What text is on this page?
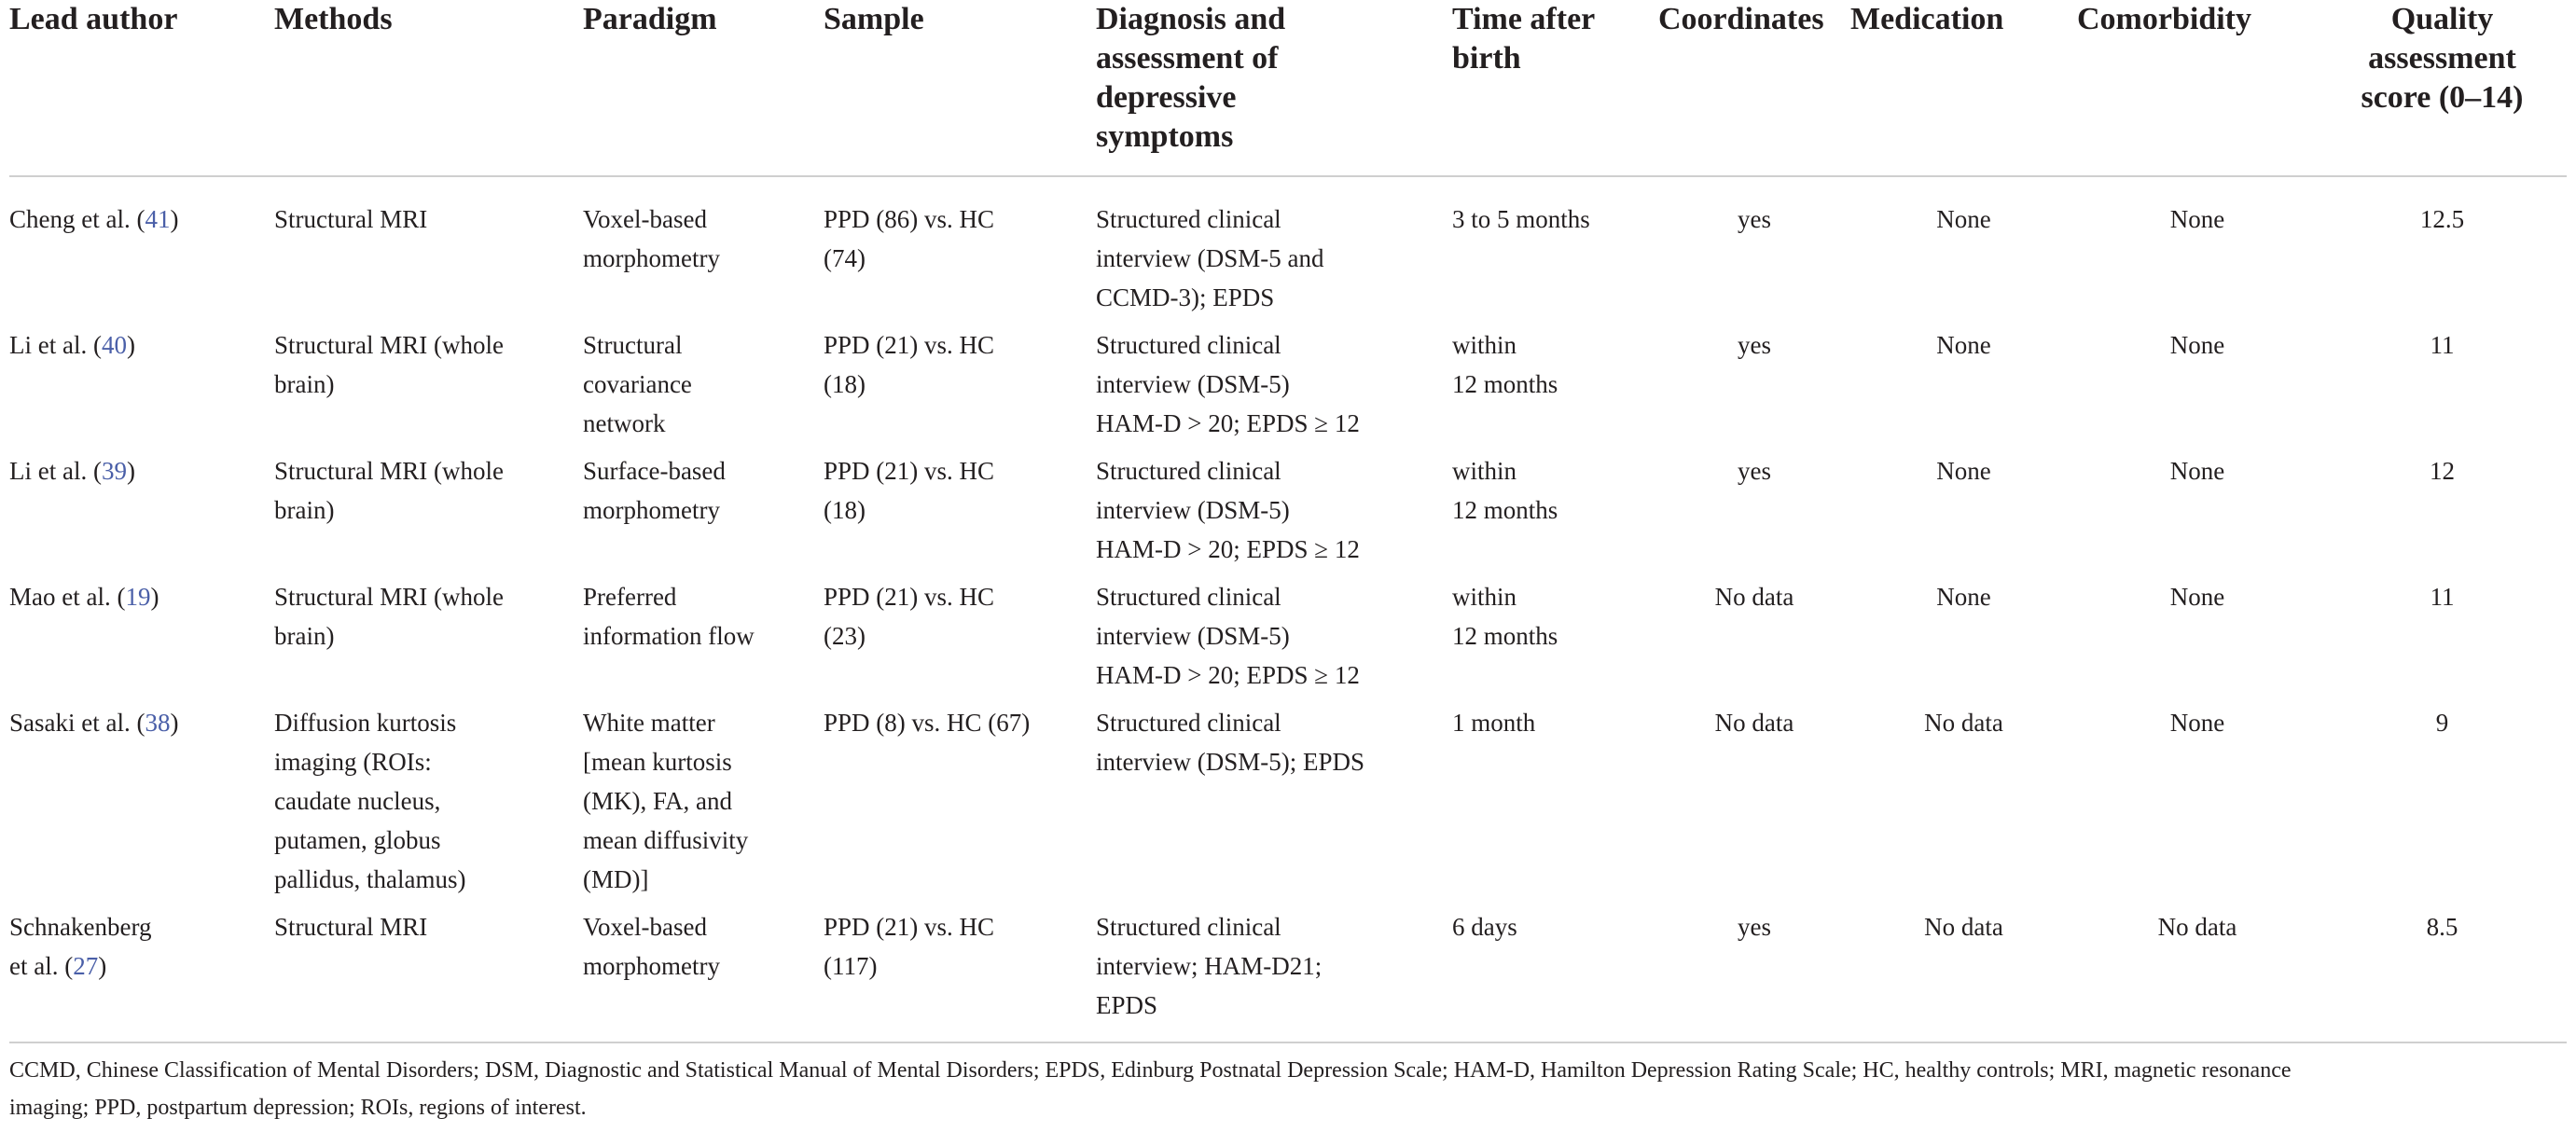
Lead author	Methods	Paradigm	Sample	Diagnosis and
assessment of
depressive
symptoms	Time after
birth	Coordinates	Medication	Comorbidity	Quality
assessment
score (0–14)

Cheng et al. (41)	Structural MRI	Voxel-based
morphometry	PPD (86) vs. HC
(74)	Structured clinical
interview (DSM-5 and
CCMD-3); EPDS	3 to 5 months	yes	None	None	12.5

Li et al. (40)	Structural MRI (whole
brain)	Structural
covariance
network	PPD (21) vs. HC
(18)	Structured clinical
interview (DSM-5)
HAM-D > 20; EPDS ≥ 12	within
12 months	yes	None	None	11

Li et al. (39)	Structural MRI (whole
brain)	Surface-based
morphometry	PPD (21) vs. HC
(18)	Structured clinical
interview (DSM-5)
HAM-D > 20; EPDS ≥ 12	within
12 months	yes	None	None	12

Mao et al. (19)	Structural MRI (whole
brain)	Preferred
information flow	PPD (21) vs. HC
(23)	Structured clinical
interview (DSM-5)
HAM-D > 20; EPDS ≥ 12	within
12 months	No data	None	None	11

Sasaki et al. (38)	Diffusion kurtosis
imaging (ROIs:
caudate nucleus,
putamen, globus
pallidus, thalamus)	White matter
[mean kurtosis
(MK), FA, and
mean diffusivity
(MD)]	PPD (8) vs. HC (67)	Structured clinical
interview (DSM-5); EPDS	1 month	No data	No data	None	9

Schnakenberg
et al. (27)	Structural MRI	Voxel-based
morphometry	PPD (21) vs. HC
(117)	Structured clinical
interview; HAM-D21;
EPDS	6 days	yes	No data	No data	8.5
CCMD, Chinese Classification of Mental Disorders; DSM, Diagnostic and Statistical Manual of Mental Disorders; EPDS, Edinburg Postnatal Depression Scale; HAM-D, Hamilton Depression Rating Scale; HC, healthy controls; MRI, magnetic resonance
imaging; PPD, postpartum depression; ROIs, regions of interest.
